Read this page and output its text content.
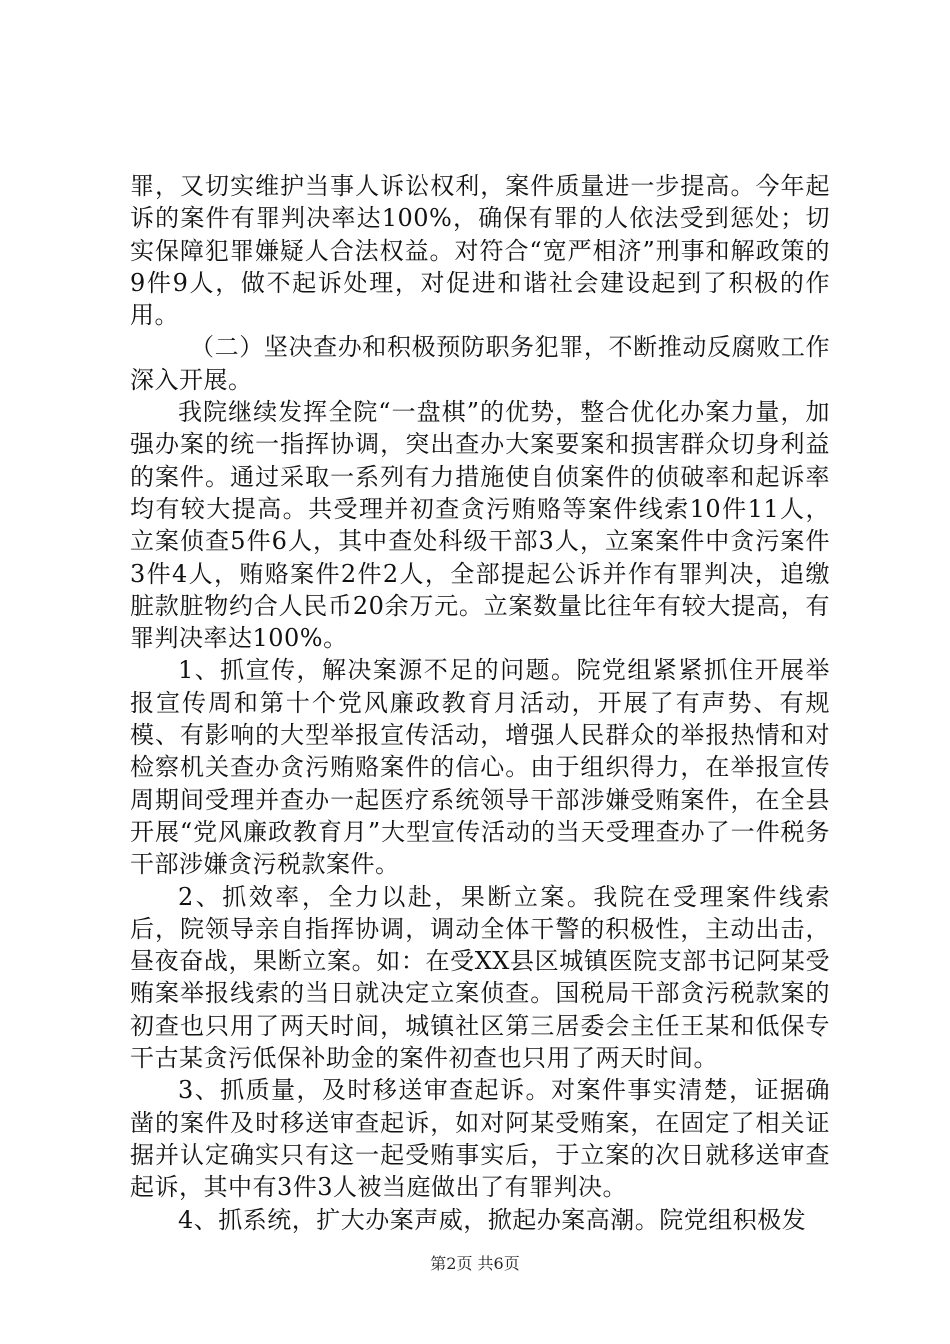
罪，又切实维护当事人诉讼权利，案件质量进一步提高。今年起诉的案件有罪判决率达100%，确保有罪的人依法受到惩处；切实保障犯罪嫌疑人合法权益。对符合“宽严相济”刑事和解政策的9件9人，做不起诉处理，对促进和谐社会建设起到了积极的作用。

（二）坚决查办和积极预防职务犯罪，不断推动反腐败工作深入开展。

我院继续发挥全院“一盘棋”的优势，整合优化办案力量，加强办案的统一指挥协调，突出查办大案要案和损害群众切身利益的案件。通过采取一系列有力措施使自侦案件的侦破率和起诉率均有较大提高。共受理并初查贪污贿赂等案件线索10件11人，立案侦查5件6人，其中查处科级干部3人，立案案件中贪污案件3件4人，贿赂案件2件2人，全部提起公诉并作有罪判决，追缴脏款脏物约合人民币20余万元。立案数量比往年有较大提高，有罪判决率达100%。

1、抓宣传，解决案源不足的问题。院党组紧紧抓住开展举报宣传周和第十个党风廉政教育月活动，开展了有声势、有规模、有影响的大型举报宣传活动，增强人民群众的举报热情和对检察机关查办贪污贿赂案件的信心。由于组织得力，在举报宣传周期间受理并查办一起医疗系统领导干部涉嫌受贿案件，在全县开展“党风廉政教育月”大型宣传活动的当天受理查办了一件税务干部涉嫌贪污税款案件。

2、抓效率，全力以赴，果断立案。我院在受理案件线索后，院领导亲自指挥协调，调动全体干警的积极性，主动出击，昼夜奋战，果断立案。如：在受XX县区城镇医院支部书记阿某受贿案举报线索的当日就决定立案侦查。国税局干部贪污税款案的初查也只用了两天时间，城镇社区第三居委会主任王某和低保专干古某贪污低保补助金的案件初查也只用了两天时间。

3、抓质量，及时移送审查起诉。对案件事实清楚，证据确凿的案件及时移送审查起诉，如对阿某受贿案，在固定了相关证据并认定确实只有这一起受贿事实后，于立案的次日就移送审查起诉，其中有3件3人被当庭做出了有罪判决。

4、抓系统，扩大办案声威，掀起办案高潮。院党组积极发

第2页 共6页
